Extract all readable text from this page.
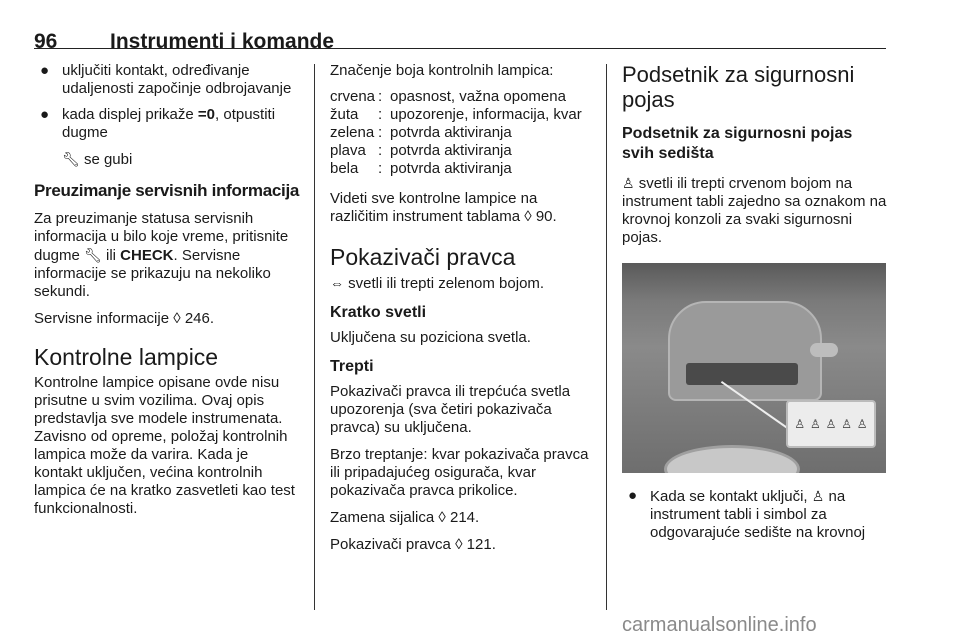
96	Instrumenti i komande
● uključiti kontakt, određivanje udaljenosti započinje odbrojavanje
● kada displej prikaže =0, otpustiti dugme
🔧︎ se gubi
Preuzimanje servisnih informacija

Za preuzimanje statusa servisnih informacija u bilo koje vreme, pritisnite dugme 🔧︎ ili CHECK. Servisne informacije se prikazuju na nekoliko sekundi.

Servisne informacije ◊ 246.

Kontrolne lampice

Kontrolne lampice opisane ovde nisu prisutne u svim vozilima. Ovaj opis predstavlja sve modele instrumenata. Zavisno od opreme, položaj kontrolnih lampica može da varira. Kada je kontakt uključen, većina kontrolnih lampica će na kratko zasvetleti kao test funkcionalnosti.

Značenje boja kontrolnih lampica:

crvena	:	opasnost, važna opomena
žuta	:	upozorenje, informacija, kvar
zelena	:	potvrda aktiviranja
plava	:	potvrda aktiviranja
bela	:	potvrda aktiviranja

Videti sve kontrolne lampice na različitim instrument tablama ◊ 90.

Pokazivači pravca

⇔ svetli ili trepti zelenom bojom.

Kratko svetli

Uključena su poziciona svetla.

Trepti

Pokazivači pravca ili trepćuća svetla upozorenja (sva četiri pokazivača pravca) su uključena.

Brzo treptanje: kvar pokazivača pravca ili pripadajućeg osigurača, kvar pokazivača pravca prikolice.

Zamena sijalica ◊ 214.

Pokazivači pravca ◊ 121.

Podsetnik za sigurnosni pojas
Podsetnik za sigurnosni pojas svih sedišta

♙ svetli ili trepti crvenom bojom na instrument tabli zajedno sa oznakom na krovnoj konzoli za svaki sigurnosni pojas.

♙ ♙ ♙ ♙ ♙
● Kada se kontakt uključi, ♙ na instrument tabli i simbol za odgovarajuće sedište na krovnoj
carmanualsonline.info
